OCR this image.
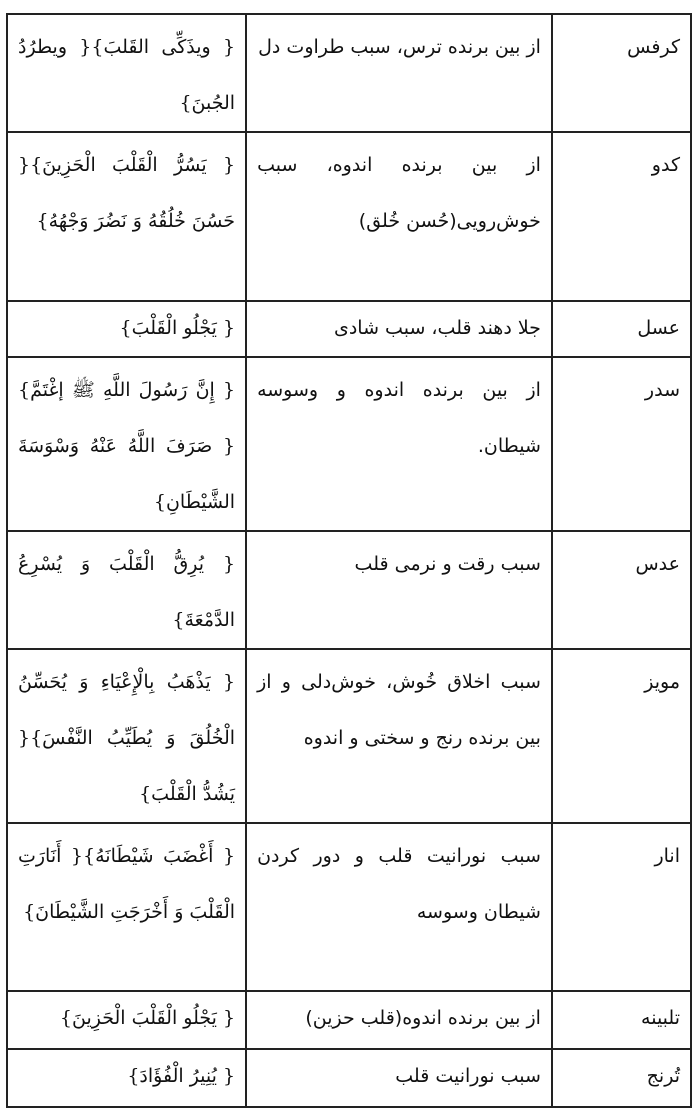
کرفس	از بین برنده ترس، سبب طراوت دل	{ ویذَكِّی القَلبَ}{ ویطرُدُ الجُبنَ}
کدو	از بین برنده اندوه، سبب خوش‌رویی(حُسن خُلق)	{ يَسُرُّ الْقَلْبَ الْحَزِينَ}{ حَسُنَ خُلُقُهُ وَ نَضُرَ وَجْهُهُ}
عسل	جلا دهند قلب، سبب شادی	{ يَجْلُو الْقَلْبَ}
سدر	از بین برنده اندوه و وسوسه شیطان.	{ إِنَّ رَسُولَ اللَّهِ ﷺ إغْتَمَّ}{ صَرَفَ اللَّهُ عَنْهُ وَسْوَسَةَ الشَّيْطَانِ}
عدس	سبب رقت و نرمی قلب	{ يُرِقُّ الْقَلْبَ وَ يُسْرِعُ الدَّمْعَةَ}
مویز	سبب اخلاق خُوش، خوش‌دلی و از بین برنده رنج و سختی و اندوه	{ يَذْهَبُ بِالْإِعْيَاءِ وَ يُحَسِّنُ الْخُلُقَ وَ يُطَيِّبُ النَّفْسَ}{ يَشُدُّ الْقَلْبَ}
انار	سبب نورانیت قلب و دور کردن شیطان وسوسه	{ أَغْضَبَ شَيْطَانَهُ}{ أَنَارَتِ الْقَلْبَ وَ أَخْرَجَتِ الشَّيْطَانَ}
تلبینه	از بین برنده اندوه(قلب حزین)	{ يَجْلُو الْقَلْبَ الْحَزِينَ}
تُرنج	سبب نورانیت قلب	{ يُنِيرُ الْفُؤَادَ}
